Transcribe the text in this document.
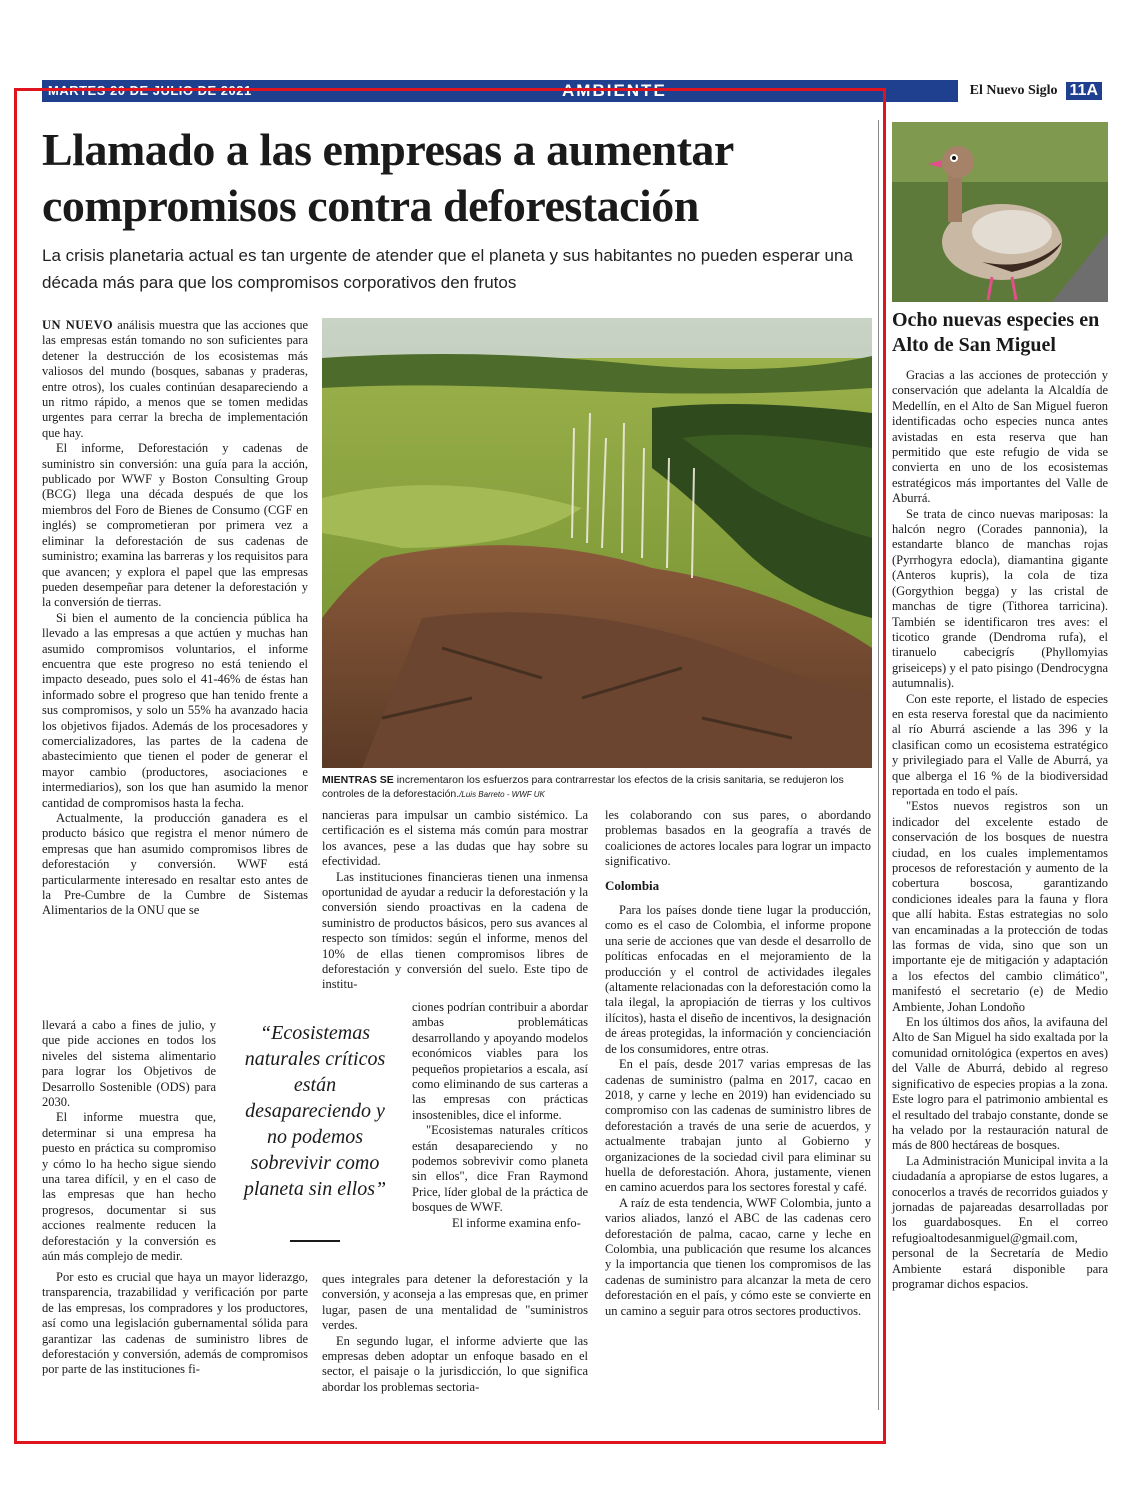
MARTES 20 DE JULIO DE 2021	AMBIENTE	El Nuevo Siglo 11A
Llamado a las empresas a aumentar compromisos contra deforestación

La crisis planetaria actual es tan urgente de atender que el planeta y sus habitantes no pueden esperar una década más para que los compromisos corporativos den frutos

UN NUEVO análisis muestra que las acciones que las empresas están tomando no son suficientes para detener la destrucción de los ecosistemas más valiosos del mundo (bosques, sabanas y praderas, entre otros), los cuales continúan desapareciendo a un ritmo rápido, a menos que se tomen medidas urgentes para cerrar la brecha de implementación que hay.

El informe, Deforestación y cadenas de suministro sin conversión: una guía para la acción, publicado por WWF y Boston Consulting Group (BCG) llega una década después de que los miembros del Foro de Bienes de Consumo (CGF en inglés) se comprometieran por primera vez a eliminar la deforestación de sus cadenas de suministro; examina las barreras y los requisitos para que avancen; y explora el papel que las empresas pueden desempeñar para detener la deforestación y la conversión de tierras.

Si bien el aumento de la conciencia pública ha llevado a las empresas a que actúen y muchas han asumido compromisos voluntarios, el informe encuentra que este progreso no está teniendo el impacto deseado, pues solo el 41-46% de éstas han informado sobre el progreso que han tenido frente a sus compromisos, y solo un 55% ha avanzado hacia los objetivos fijados. Además de los procesadores y comercializadores, las partes de la cadena de abastecimiento que tienen el poder de generar el mayor cambio (productores, asociaciones e intermediarios), son los que han asumido la menor cantidad de compromisos hasta la fecha.

Actualmente, la producción ganadera es el producto básico que registra el menor número de empresas que han asumido compromisos libres de deforestación y conversión. WWF está particularmente interesado en resaltar esto antes de la Pre-Cumbre de la Cumbre de Sistemas Alimentarios de la ONU que se

llevará a cabo a fines de julio, y que pide acciones en todos los niveles del sistema alimentario para lograr los Objetivos de Desarrollo Sostenible (ODS) para 2030.

El informe muestra que, determinar si una empresa ha puesto en práctica su compromiso y cómo lo ha hecho sigue siendo una tarea difícil, y en el caso de las empresas que han hecho progresos, documentar si sus acciones realmente reducen la deforestación y la conversión es aún más complejo de medir.

Por esto es crucial que haya un mayor liderazgo, transparencia, trazabilidad y verificación por parte de las empresas, los compradores y los productores, así como una legislación gubernamental sólida para garantizar las cadenas de suministro libres de deforestación y conversión, además de compromisos por parte de las instituciones fi-

MIENTRAS SE incrementaron los esfuerzos para contrarrestar los efectos de la crisis sanitaria, se redujeron los controles de la deforestación./Luis Barreto - WWF UK

nancieras para impulsar un cambio sistémico. La certificación es el sistema más común para mostrar los avances, pese a las dudas que hay sobre su efectividad.

Las instituciones financieras tienen una inmensa oportunidad de ayudar a reducir la deforestación y la conversión siendo proactivas en la cadena de suministro de productos básicos, pero sus avances al respecto son tímidos: según el informe, menos del 10% de ellas tienen compromisos libres de deforestación y conversión del suelo. Este tipo de institu-

ciones podrían contribuir a abordar ambas problemáticas desarrollando y apoyando modelos económicos viables para los pequeños propietarios a escala, así como eliminando de sus carteras a las empresas con prácticas insostenibles, dice el informe.

"Ecosistemas naturales críticos están desapareciendo y no podemos sobrevivir como planeta sin ellos", dice Fran Raymond Price, líder global de la práctica de bosques de WWF.

El informe examina enfo-

ques integrales para detener la deforestación y la conversión, y aconseja a las empresas que, en primer lugar, pasen de una mentalidad de "suministros verdes.

En segundo lugar, el informe advierte que las empresas deben adoptar un enfoque basado en el sector, el paisaje o la jurisdicción, lo que significa abordar los problemas sectoria-

“Ecosistemas naturales críticos están desapareciendo y no podemos sobrevivir como planeta sin ellos”

les colaborando con sus pares, o abordando problemas basados en la geografía a través de coaliciones de actores locales para lograr un impacto significativo.

Colombia

Para los países donde tiene lugar la producción, como es el caso de Colombia, el informe propone una serie de acciones que van desde el desarrollo de políticas enfocadas en el mejoramiento de la producción y el control de actividades ilegales (altamente relacionadas con la deforestación como la tala ilegal, la apropiación de tierras y los cultivos ilícitos), hasta el diseño de incentivos, la designación de áreas protegidas, la información y concienciación de los consumidores, entre otras.

En el país, desde 2017 varias empresas de las cadenas de suministro (palma en 2017, cacao en 2018, y carne y leche en 2019) han evidenciado su compromiso con las cadenas de suministro libres de deforestación a través de una serie de acuerdos, y actualmente trabajan junto al Gobierno y organizaciones de la sociedad civil para eliminar su huella de deforestación. Ahora, justamente, vienen en camino acuerdos para los sectores forestal y café.

A raíz de esta tendencia, WWF Colombia, junto a varios aliados, lanzó el ABC de las cadenas cero deforestación de palma, cacao, carne y leche en Colombia, una publicación que resume los alcances y la importancia que tienen los compromisos de las cadenas de suministro para alcanzar la meta de cero deforestación en el país, y cómo este se convierte en un camino a seguir para otros sectores productivos.

Ocho nuevas especies en Alto de San Miguel

Gracias a las acciones de protección y conservación que adelanta la Alcaldía de Medellín, en el Alto de San Miguel fueron identificadas ocho especies nunca antes avistadas en esta reserva que han permitido que este refugio de vida se convierta en uno de los ecosistemas estratégicos más importantes del Valle de Aburrá.

Se trata de cinco nuevas mariposas: la halcón negro (Corades pannonia), la estandarte blanco de manchas rojas (Pyrrhogyra edocla), diamantina gigante (Anteros kupris), la cola de tiza (Gorgythion begga) y las cristal de manchas de tigre (Tithorea tarricina). También se identificaron tres aves: el ticotico grande (Dendroma rufa), el tiranuelo cabecigrís (Phyllomyias griseiceps) y el pato pisingo (Dendrocygna autumnalis).

Con este reporte, el listado de especies en esta reserva forestal que da nacimiento al río Aburrá asciende a las 396 y la clasifican como un ecosistema estratégico y privilegiado para el Valle de Aburrá, ya que alberga el 16 % de la biodiversidad reportada en todo el país.

"Estos nuevos registros son un indicador del excelente estado de conservación de los bosques de nuestra ciudad, en los cuales implementamos procesos de reforestación y aumento de la cobertura boscosa, garantizando condiciones ideales para la fauna y flora que allí habita. Estas estrategias no solo van encaminadas a la protección de todas las formas de vida, sino que son un importante eje de mitigación y adaptación a los efectos del cambio climático", manifestó el secretario (e) de Medio Ambiente, Johan Londoño

En los últimos dos años, la avifauna del Alto de San Miguel ha sido exaltada por la comunidad ornitológica (expertos en aves) del Valle de Aburrá, debido al regreso significativo de especies propias a la zona. Este logro para el patrimonio ambiental es el resultado del trabajo constante, donde se ha velado por la restauración natural de más de 800 hectáreas de bosques.

La Administración Municipal invita a la ciudadanía a apropiarse de estos lugares, a conocerlos a través de recorridos guiados y jornadas de pajareadas desarrolladas por los guardabosques. En el correo refugioaltodesanmiguel@gmail.com, personal de la Secretaría de Medio Ambiente estará disponible para programar dichos espacios.
